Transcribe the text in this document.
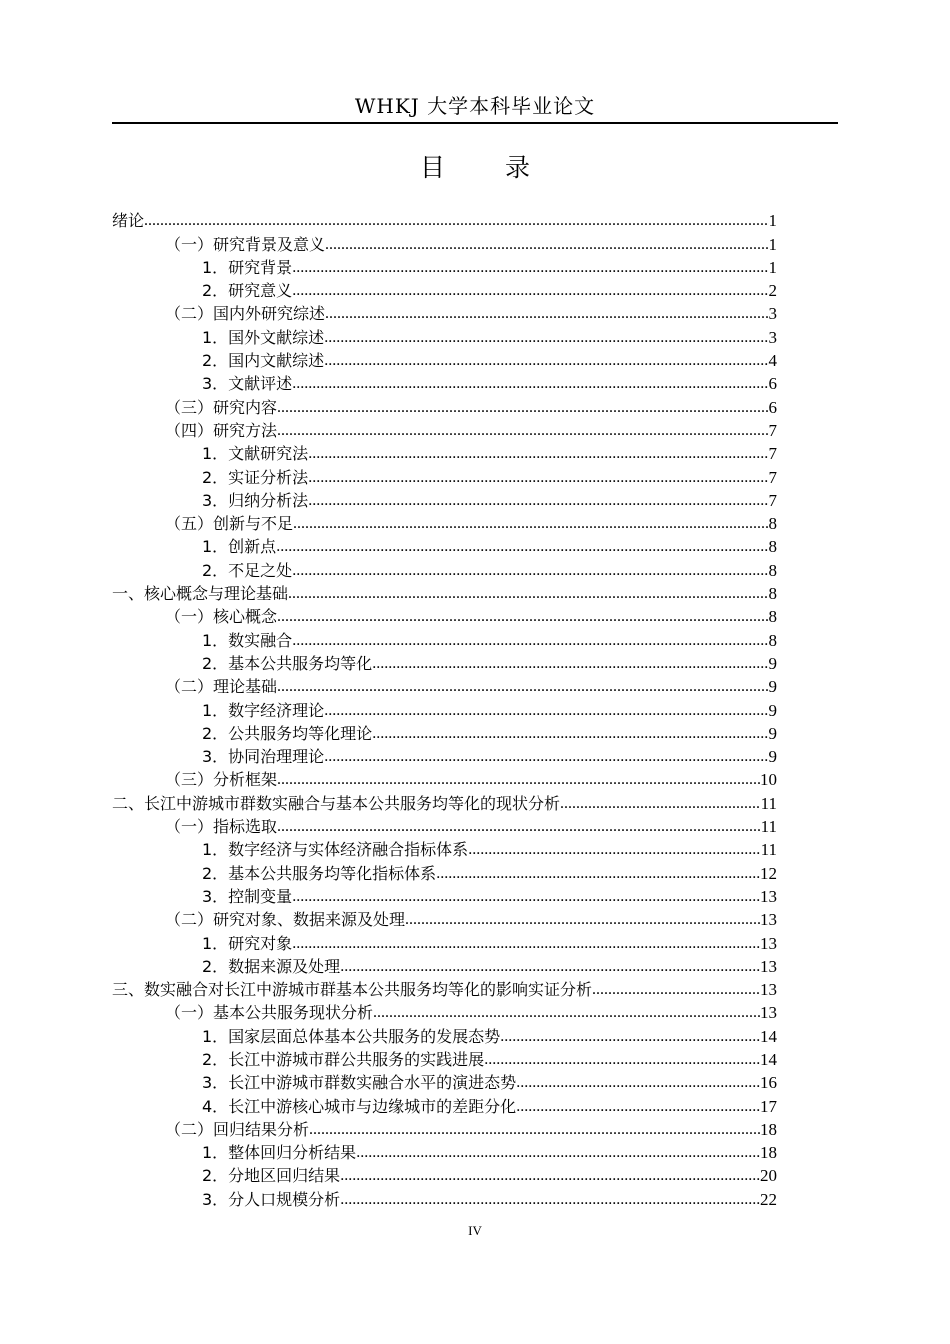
WHKJ 大学本科毕业论文
目 录
绪论 .....	1
（一）研究背景及意义 .....	1
1．研究背景 .....	1
2．研究意义 .....	2
（二）国内外研究综述 .....	3
1．国外文献综述 .....	3
2．国内文献综述 .....	4
3．文献评述 .....	6
（三）研究内容 .....	6
（四）研究方法 .....	7
1．文献研究法 .....	7
2．实证分析法 .....	7
3．归纳分析法 .....	7
（五）创新与不足 .....	8
1．创新点 .....	8
2．不足之处 .....	8
一、核心概念与理论基础 .....	8
（一）核心概念 .....	8
1．数实融合 .....	8
2．基本公共服务均等化 .....	9
（二）理论基础 .....	9
1．数字经济理论 .....	9
2．公共服务均等化理论 .....	9
3．协同治理理论 .....	9
（三）分析框架 .....	10
二、长江中游城市群数实融合与基本公共服务均等化的现状分析 .....	11
（一）指标选取 .....	11
1．数字经济与实体经济融合指标体系 .....	11
2．基本公共服务均等化指标体系 .....	12
3．控制变量 .....	13
（二）研究对象、数据来源及处理 .....	13
1．研究对象 .....	13
2．数据来源及处理 .....	13
三、数实融合对长江中游城市群基本公共服务均等化的影响实证分析 .....	13
（一）基本公共服务现状分析 .....	13
1．国家层面总体基本公共服务的发展态势 .....	14
2．长江中游城市群公共服务的实践进展 .....	14
3．长江中游城市群数实融合水平的演进态势 .....	16
4．长江中游核心城市与边缘城市的差距分化 .....	17
（二）回归结果分析 .....	18
1．整体回归分析结果 .....	18
2．分地区回归结果 .....	20
3．分人口规模分析 .....	22
IV
